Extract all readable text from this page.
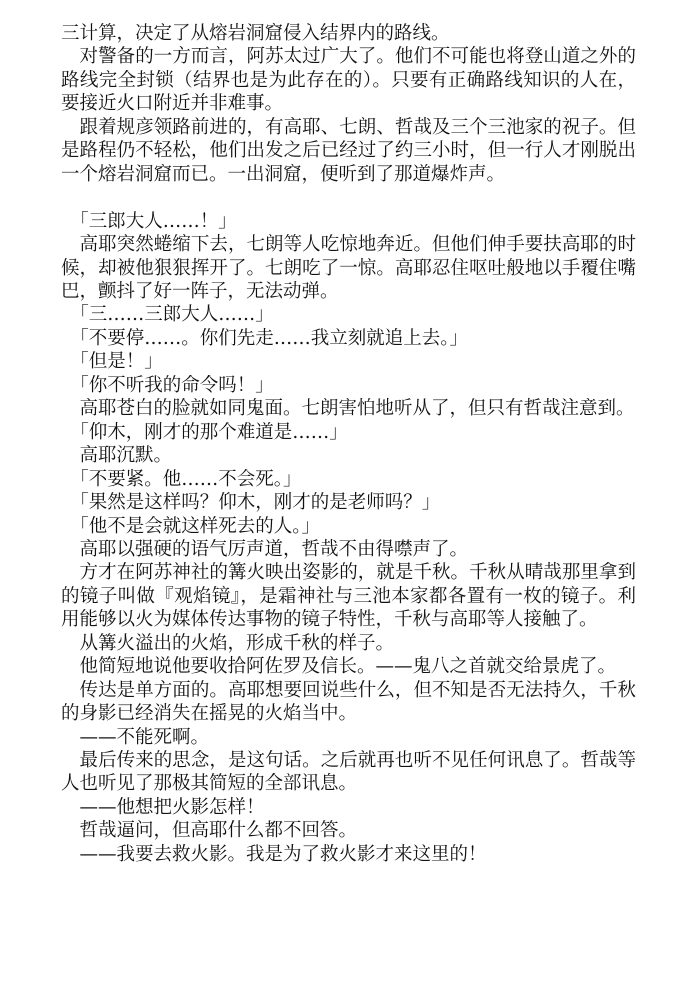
三计算，决定了从熔岩洞窟侵入结界内的路线。

　对警备的一方而言，阿苏太过广大了。他们不可能也将登山道之外的路线完全封锁（结界也是为此存在的）。只要有正确路线知识的人在，要接近火口附近并非难事。

　跟着规彦领路前进的，有高耶、七朗、哲哉及三个三池家的祝子。但是路程仍不轻松，他们出发之后已经过了约三小时，但一行人才刚脱出一个熔岩洞窟而已。一出洞窟，便听到了那道爆炸声。

　「三郎大人……！」

　高耶突然蜷缩下去，七朗等人吃惊地奔近。但他们伸手要扶高耶的时候，却被他狠狠挥开了。七朗吃了一惊。高耶忍住呕吐般地以手覆住嘴巴，颤抖了好一阵子，无法动弹。

　「三……三郎大人……」

　「不要停……。你们先走……我立刻就追上去。」

　「但是！」

　「你不听我的命令吗！」

　高耶苍白的脸就如同鬼面。七朗害怕地听从了，但只有哲哉注意到。

　「仰木，刚才的那个难道是……」

　高耶沉默。

　「不要紧。他……不会死。」

　「果然是这样吗？仰木，刚才的是老师吗？」

　「他不是会就这样死去的人。」

　高耶以强硬的语气厉声道，哲哉不由得噤声了。

　方才在阿苏神社的篝火映出姿影的，就是千秋。千秋从晴哉那里拿到的镜子叫做『观焰镜』，是霜神社与三池本家都各置有一枚的镜子。利用能够以火为媒体传达事物的镜子特性，千秋与高耶等人接触了。

　从篝火溢出的火焰，形成千秋的样子。

　他简短地说他要收拾阿佐罗及信长。——鬼八之首就交给景虎了。

　传达是单方面的。高耶想要回说些什么，但不知是否无法持久，千秋的身影已经消失在摇晃的火焰当中。

　——不能死啊。

　最后传来的思念，是这句话。之后就再也听不见任何讯息了。哲哉等人也听见了那极其简短的全部讯息。

　——他想把火影怎样！

　哲哉逼问，但高耶什么都不回答。

　——我要去救火影。我是为了救火影才来这里的！
